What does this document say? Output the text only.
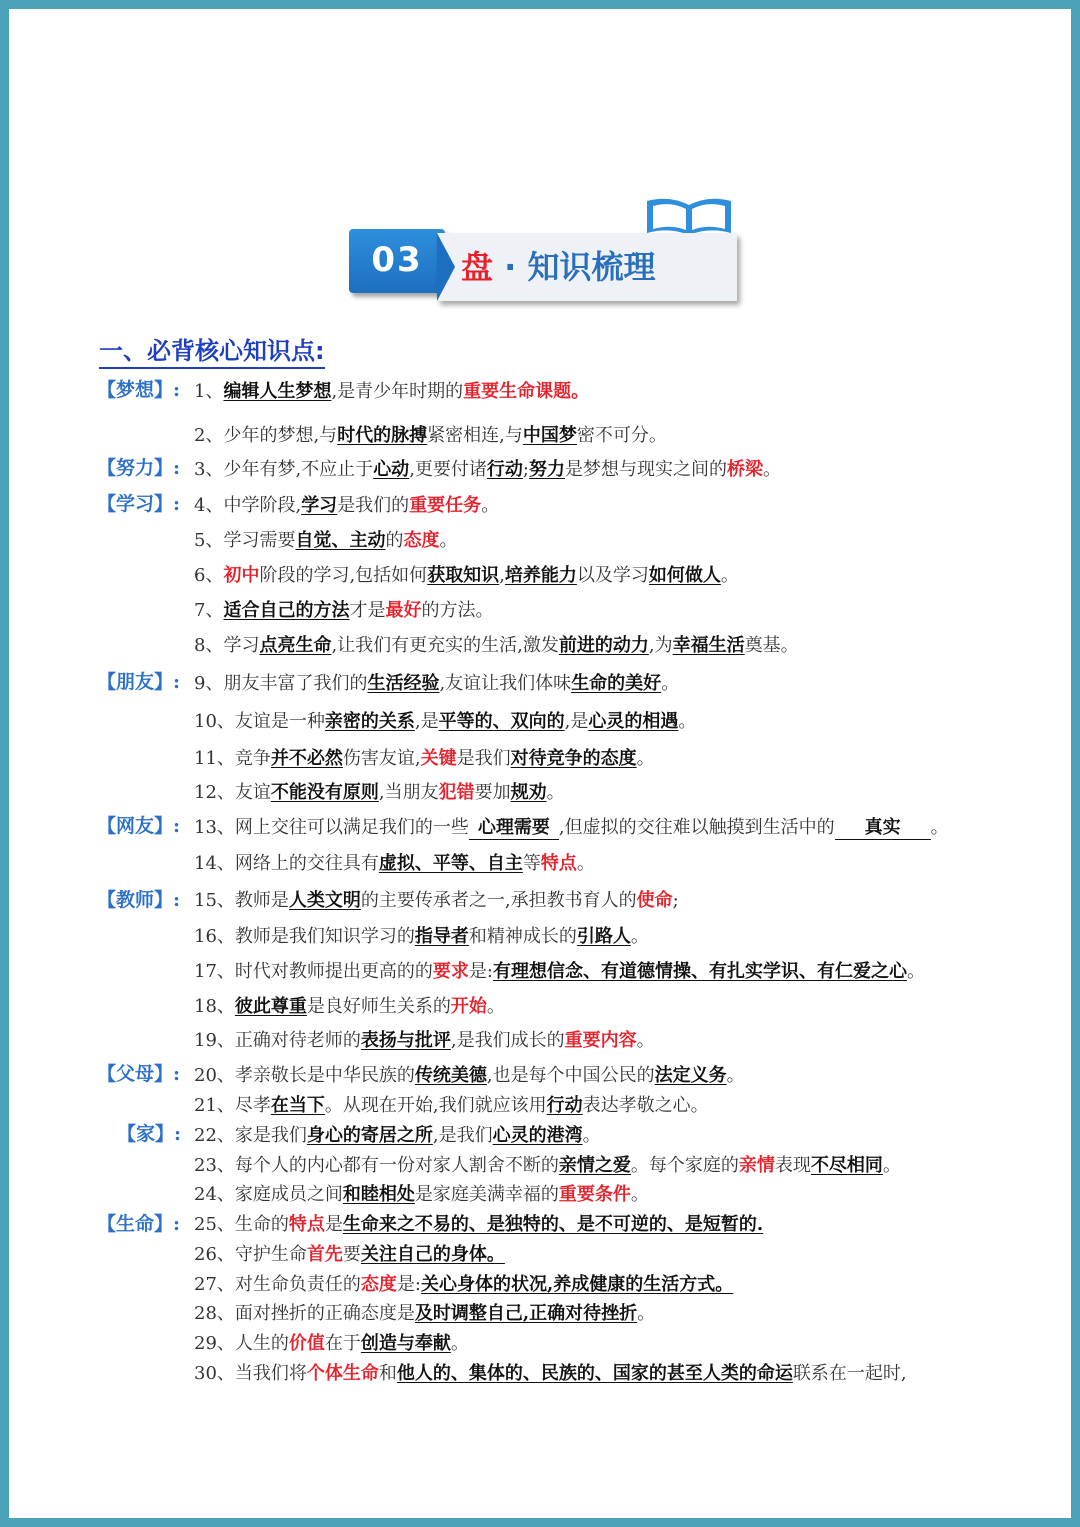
03	盘 · 知识梳理
一、必背核心知识点:
【梦想】:
【努力】:
【学习】:
【朋友】:
【网友】:
【教师】:
【父母】:
【家】:
【生命】:
1、编辑人生梦想,是青少年时期的重要生命课题。
2、少年的梦想,与时代的脉搏紧密相连,与中国梦密不可分。
3、少年有梦,不应止于心动,更要付诸行动;努力是梦想与现实之间的桥梁。
4、中学阶段,学习是我们的重要任务。
5、学习需要自觉、主动的态度。
6、初中阶段的学习,包括如何获取知识,培养能力以及学习如何做人。
7、适合自己的方法才是最好的方法。
8、学习点亮生命,让我们有更充实的生活,激发前进的动力,为幸福生活奠基。
9、朋友丰富了我们的生活经验,友谊让我们体味生命的美好。
10、友谊是一种亲密的关系,是平等的、双向的,是心灵的相遇。
11、竞争并不必然伤害友谊,关键是我们对待竞争的态度。
12、友谊不能没有原则,当朋友犯错要加规劝。
13、网上交往可以满足我们的一些 心理需要 ,但虚拟的交往难以触摸到生活中的 真实 。
14、网络上的交往具有虚拟、平等、自主等特点。
15、教师是人类文明的主要传承者之一,承担教书育人的使命;
16、教师是我们知识学习的指导者和精神成长的引路人。
17、时代对教师提出更高的的要求是:有理想信念、有道德情操、有扎实学识、有仁爱之心。
18、彼此尊重是良好师生关系的开始。
19、正确对待老师的表扬与批评,是我们成长的重要内容。
20、孝亲敬长是中华民族的传统美德,也是每个中国公民的法定义务。
21、尽孝在当下。从现在开始,我们就应该用行动表达孝敬之心。
22、家是我们身心的寄居之所,是我们心灵的港湾。
23、每个人的内心都有一份对家人割舍不断的亲情之爱。每个家庭的亲情表现不尽相同。
24、家庭成员之间和睦相处是家庭美满幸福的重要条件。
25、生命的特点是生命来之不易的、是独特的、是不可逆的、是短暂的.
26、守护生命首先要关注自己的身体。
27、对生命负责任的态度是:关心身体的状况,养成健康的生活方式。
28、面对挫折的正确态度是及时调整自己,正确对待挫折。
29、人生的价值在于创造与奉献。
30、当我们将个体生命和他人的、集体的、民族的、国家的甚至人类的命运联系在一起时,
